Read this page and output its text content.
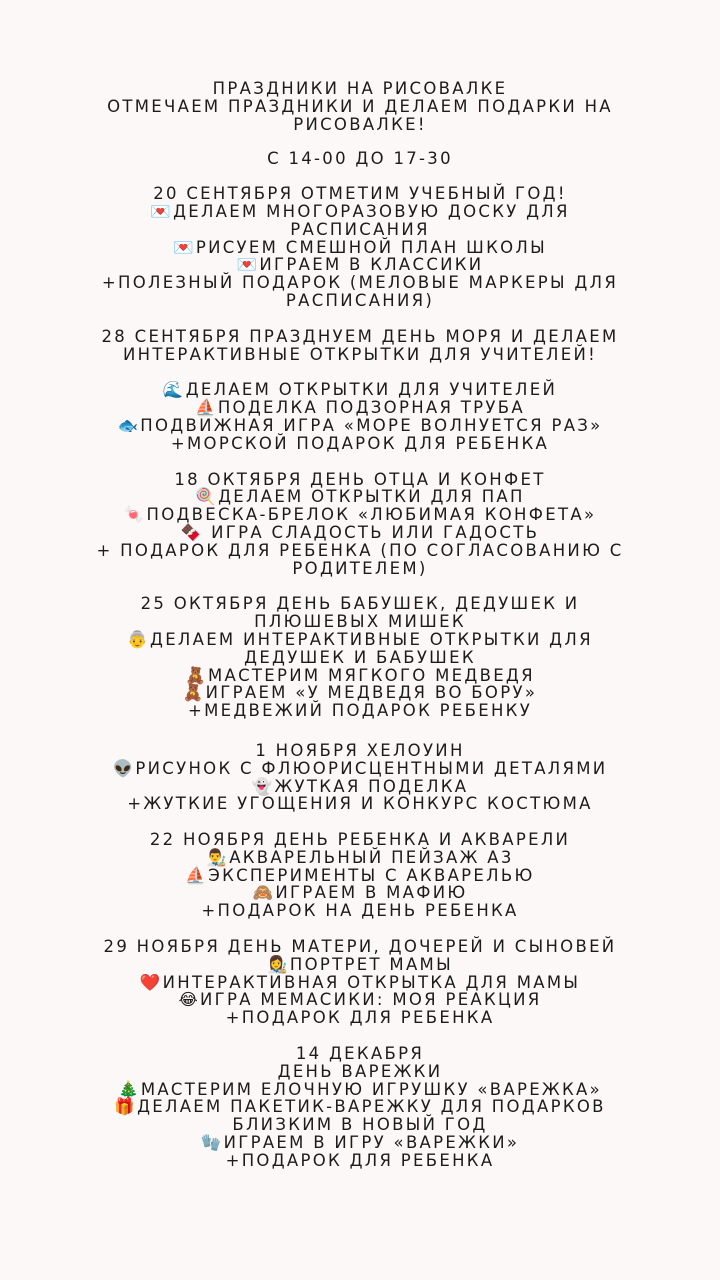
ПРАЗДНИКИ НА РИСОВАЛКЕ
ОТМЕЧАЕМ ПРАЗДНИКИ И ДЕЛАЕМ ПОДАРКИ НА
РИСОВАЛКЕ!
С 14-00 ДО 17-30
20 СЕНТЯБРЯ ОТМЕТИМ УЧЕБНЫЙ ГОД!
💌ДЕЛАЕМ МНОГОРАЗОВУЮ ДОСКУ ДЛЯ
РАСПИСАНИЯ
💌РИСУЕМ СМЕШНОЙ ПЛАН ШКОЛЫ
💌ИГРАЕМ В КЛАССИКИ
+ПОЛЕЗНЫЙ ПОДАРОК (МЕЛОВЫЕ МАРКЕРЫ ДЛЯ
РАСПИСАНИЯ)
28 СЕНТЯБРЯ ПРАЗДНУЕМ ДЕНЬ МОРЯ И ДЕЛАЕМ
ИНТЕРАКТИВНЫЕ ОТКРЫТКИ ДЛЯ УЧИТЕЛЕЙ!
🌊ДЕЛАЕМ ОТКРЫТКИ ДЛЯ УЧИТЕЛЕЙ
⛵ПОДЕЛКА ПОДЗОРНАЯ ТРУБА
🐟ПОДВИЖНАЯ ИГРА «МОРЕ ВОЛНУЕТСЯ РАЗ»
+МОРСКОЙ ПОДАРОК ДЛЯ РЕБЕНКА
18 ОКТЯБРЯ ДЕНЬ ОТЦА И КОНФЕТ
🍭ДЕЛАЕМ ОТКРЫТКИ ДЛЯ ПАП
🍬ПОДВЕСКА-БРЕЛОК «ЛЮБИМАЯ КОНФЕТА»
🍫 ИГРА СЛАДОСТЬ ИЛИ ГАДОСТЬ
+ ПОДАРОК ДЛЯ РЕБЕНКА (ПО СОГЛАСОВАНИЮ С
РОДИТЕЛЕМ)
25 ОКТЯБРЯ ДЕНЬ БАБУШЕК, ДЕДУШЕК И
ПЛЮШЕВЫХ МИШЕК
👵ДЕЛАЕМ ИНТЕРАКТИВНЫЕ ОТКРЫТКИ ДЛЯ
ДЕДУШЕК И БАБУШЕК
🧸МАСТЕРИМ МЯГКОГО МЕДВЕДЯ
🧸ИГРАЕМ «У МЕДВЕДЯ ВО БОРУ»
+МЕДВЕЖИЙ ПОДАРОК РЕБЕНКУ
1 НОЯБРЯ ХЕЛОУИН
👽РИСУНОК С ФЛЮОРИСЦЕНТНЫМИ ДЕТАЛЯМИ
👻ЖУТКАЯ ПОДЕЛКА
+ЖУТКИЕ УГОЩЕНИЯ И КОНКУРС КОСТЮМА
22 НОЯБРЯ ДЕНЬ РЕБЕНКА И АКВАРЕЛИ
👨‍🎨АКВАРЕЛЬНЫЙ ПЕЙЗАЖ А3
⛵ЭКСПЕРИМЕНТЫ С АКВАРЕЛЬЮ
🙈ИГРАЕМ В МАФИЮ
+ПОДАРОК НА ДЕНЬ РЕБЕНКА
29 НОЯБРЯ ДЕНЬ МАТЕРИ, ДОЧЕРЕЙ И СЫНОВЕЙ
👩‍🎨ПОРТРЕТ МАМЫ
❤️ИНТЕРАКТИВНАЯ ОТКРЫТКА ДЛЯ МАМЫ
😂ИГРА МЕМАСИКИ: МОЯ РЕАКЦИЯ
+ПОДАРОК ДЛЯ РЕБЕНКА
14 ДЕКАБРЯ
ДЕНЬ ВАРЕЖКИ
🎄МАСТЕРИМ ЕЛОЧНУЮ ИГРУШКУ «ВАРЕЖКА»
🎁ДЕЛАЕМ ПАКЕТИК-ВАРЕЖКУ ДЛЯ ПОДАРКОВ
БЛИЗКИМ В НОВЫЙ ГОД
🧤ИГРАЕМ В ИГРУ «ВАРЕЖКИ»
+ПОДАРОК ДЛЯ РЕБЕНКА
